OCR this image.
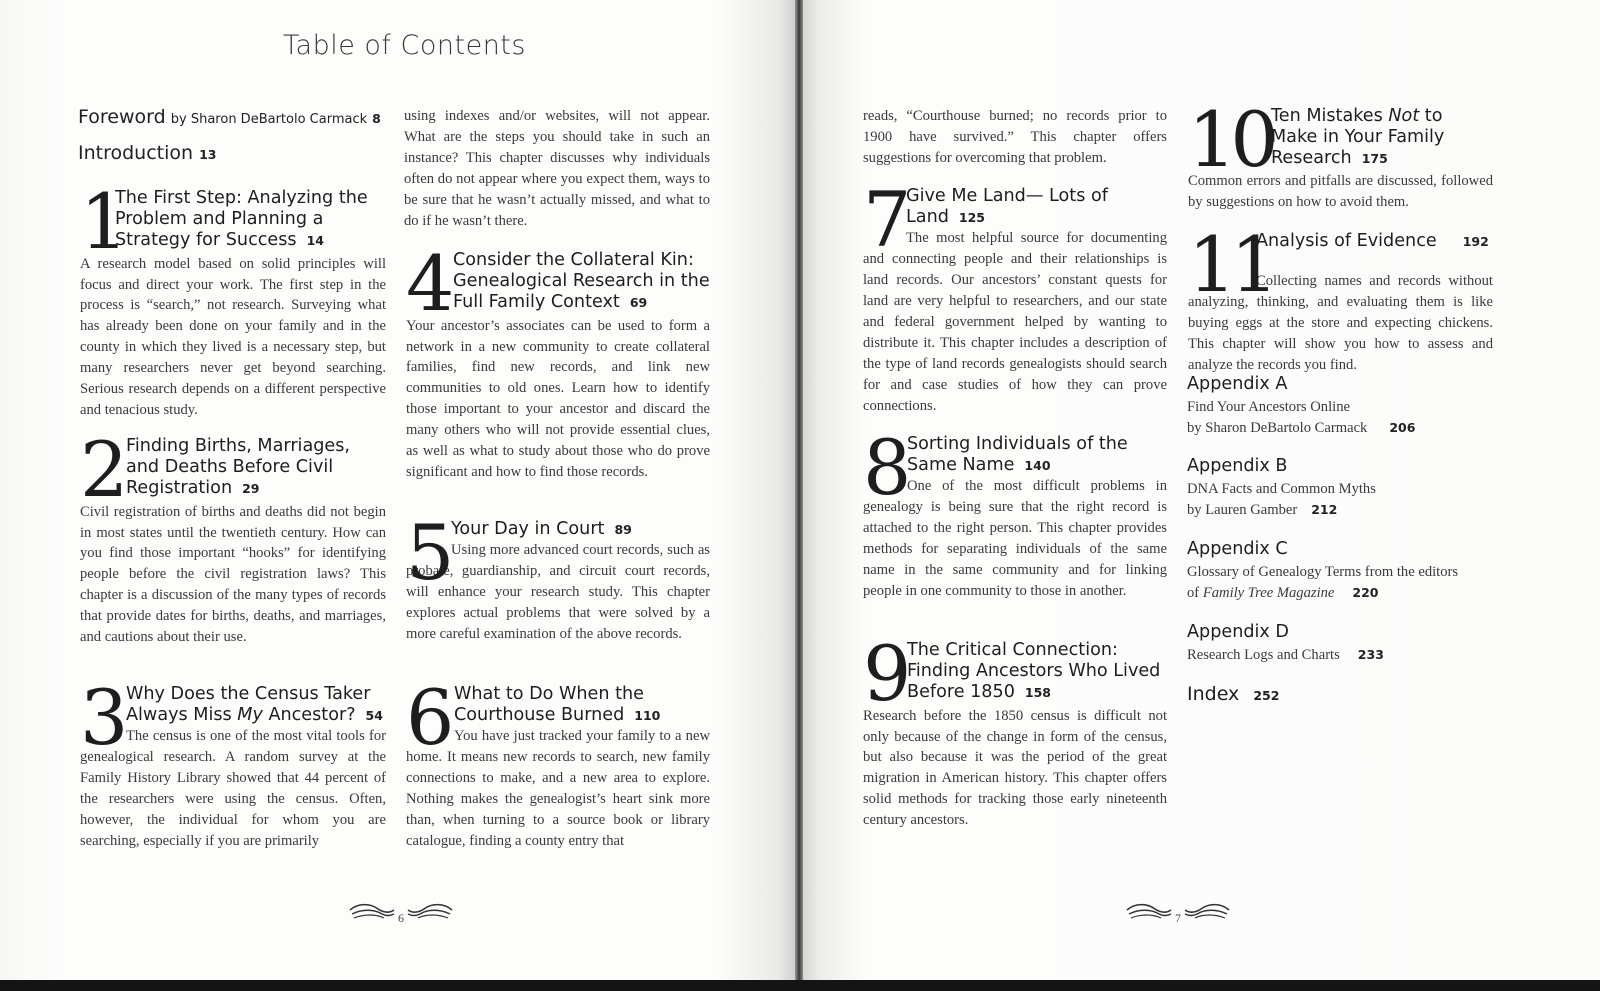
Table of Contents
Foreword by Sharon DeBartolo Carmack 8
Introduction 13
1
The First Step: Analyzing the Problem and Planning a Strategy for Success 14
A research model based on solid principles will focus and direct your work. The first step in the process is “search,” not research. Surveying what has already been done on your family and in the county in which they lived is a necessary step, but many researchers never get beyond searching. Serious research depends on a different perspective and tenacious study.
2 Finding Births, Marriages, and Deaths Before Civil Registration 29
Civil registration of births and deaths did not begin in most states until the twentieth century. How can you find those important “hooks” for identifying people before the civil registration laws? This chapter is a discussion of the many types of records that provide dates for births, deaths, and marriages, and cautions about their use.
3 Why Does the Census Taker Always Miss My Ancestor? 54
The census is one of the most vital tools for genealogical research. A random survey at the Family History Library showed that 44 percent of the researchers were using the census. Often, however, the individual for whom you are searching, especially if you are primarily
using indexes and/or websites, will not appear. What are the steps you should take in such an instance? This chapter discusses why individuals often do not appear where you expect them, ways to be sure that he wasn’t actually missed, and what to do if he wasn’t there.
4 Consider the Collateral Kin: Genealogical Research in the Full Family Context 69
Your ancestor’s associates can be used to form a network in a new community to create collateral families, find new records, and link new communities to old ones. Learn how to identify those important to your ancestor and discard the many others who will not provide essential clues, as well as what to study about those who do prove significant and how to find those records.
5 Your Day in Court 89
Using more advanced court records, such as probate, guardianship, and circuit court records, will enhance your research study. This chapter explores actual problems that were solved by a more careful examination of the above records.
6 What to Do When the Courthouse Burned 110
You have just tracked your family to a new home. It means new records to search, new family connections to make, and a new area to explore. Nothing makes the genealogist’s heart sink more than, when turning to a source book or library catalogue, finding a county entry that
6
reads, “Courthouse burned; no records prior to 1900 have survived.” This chapter offers suggestions for overcoming that problem.
7
Give Me Land— Lots of Land 125
The most helpful source for documenting and connecting people and their relationships is land records. Our ancestors’ constant quests for land are very helpful to researchers, and our state and federal government helped by wanting to distribute it. This chapter includes a description of the type of land records genealogists should search for and case studies of how they can prove connections.
8
Sorting Individuals of the Same Name 140
One of the most difficult problems in genealogy is being sure that the right record is attached to the right person. This chapter provides methods for separating individuals of the same name in the same community and for linking people in one community to those in another.
9
The Critical Connection: Finding Ancestors Who Lived Before 1850 158
Research before the 1850 census is difficult not only because of the change in form of the census, but also because it was the period of the great migration in American history. This chapter offers solid methods for tracking those early nineteenth century ancestors.
10
Ten Mistakes Not to Make in Your Family Research 175
Common errors and pitfalls are discussed, followed by suggestions on how to avoid them.
11
Analysis of Evidence 192
Collecting names and records without analyzing, thinking, and evaluating them is like buying eggs at the store and expecting chickens. This chapter will show you how to assess and analyze the records you find.
Appendix A
Find Your Ancestors Online
by Sharon DeBartolo Carmack 206
Appendix B
DNA Facts and Common Myths
by Lauren Gamber 212
Appendix C
Glossary of Genealogy Terms from the editors
of Family Tree Magazine 220
Appendix D
Research Logs and Charts 233
Index 252
7
